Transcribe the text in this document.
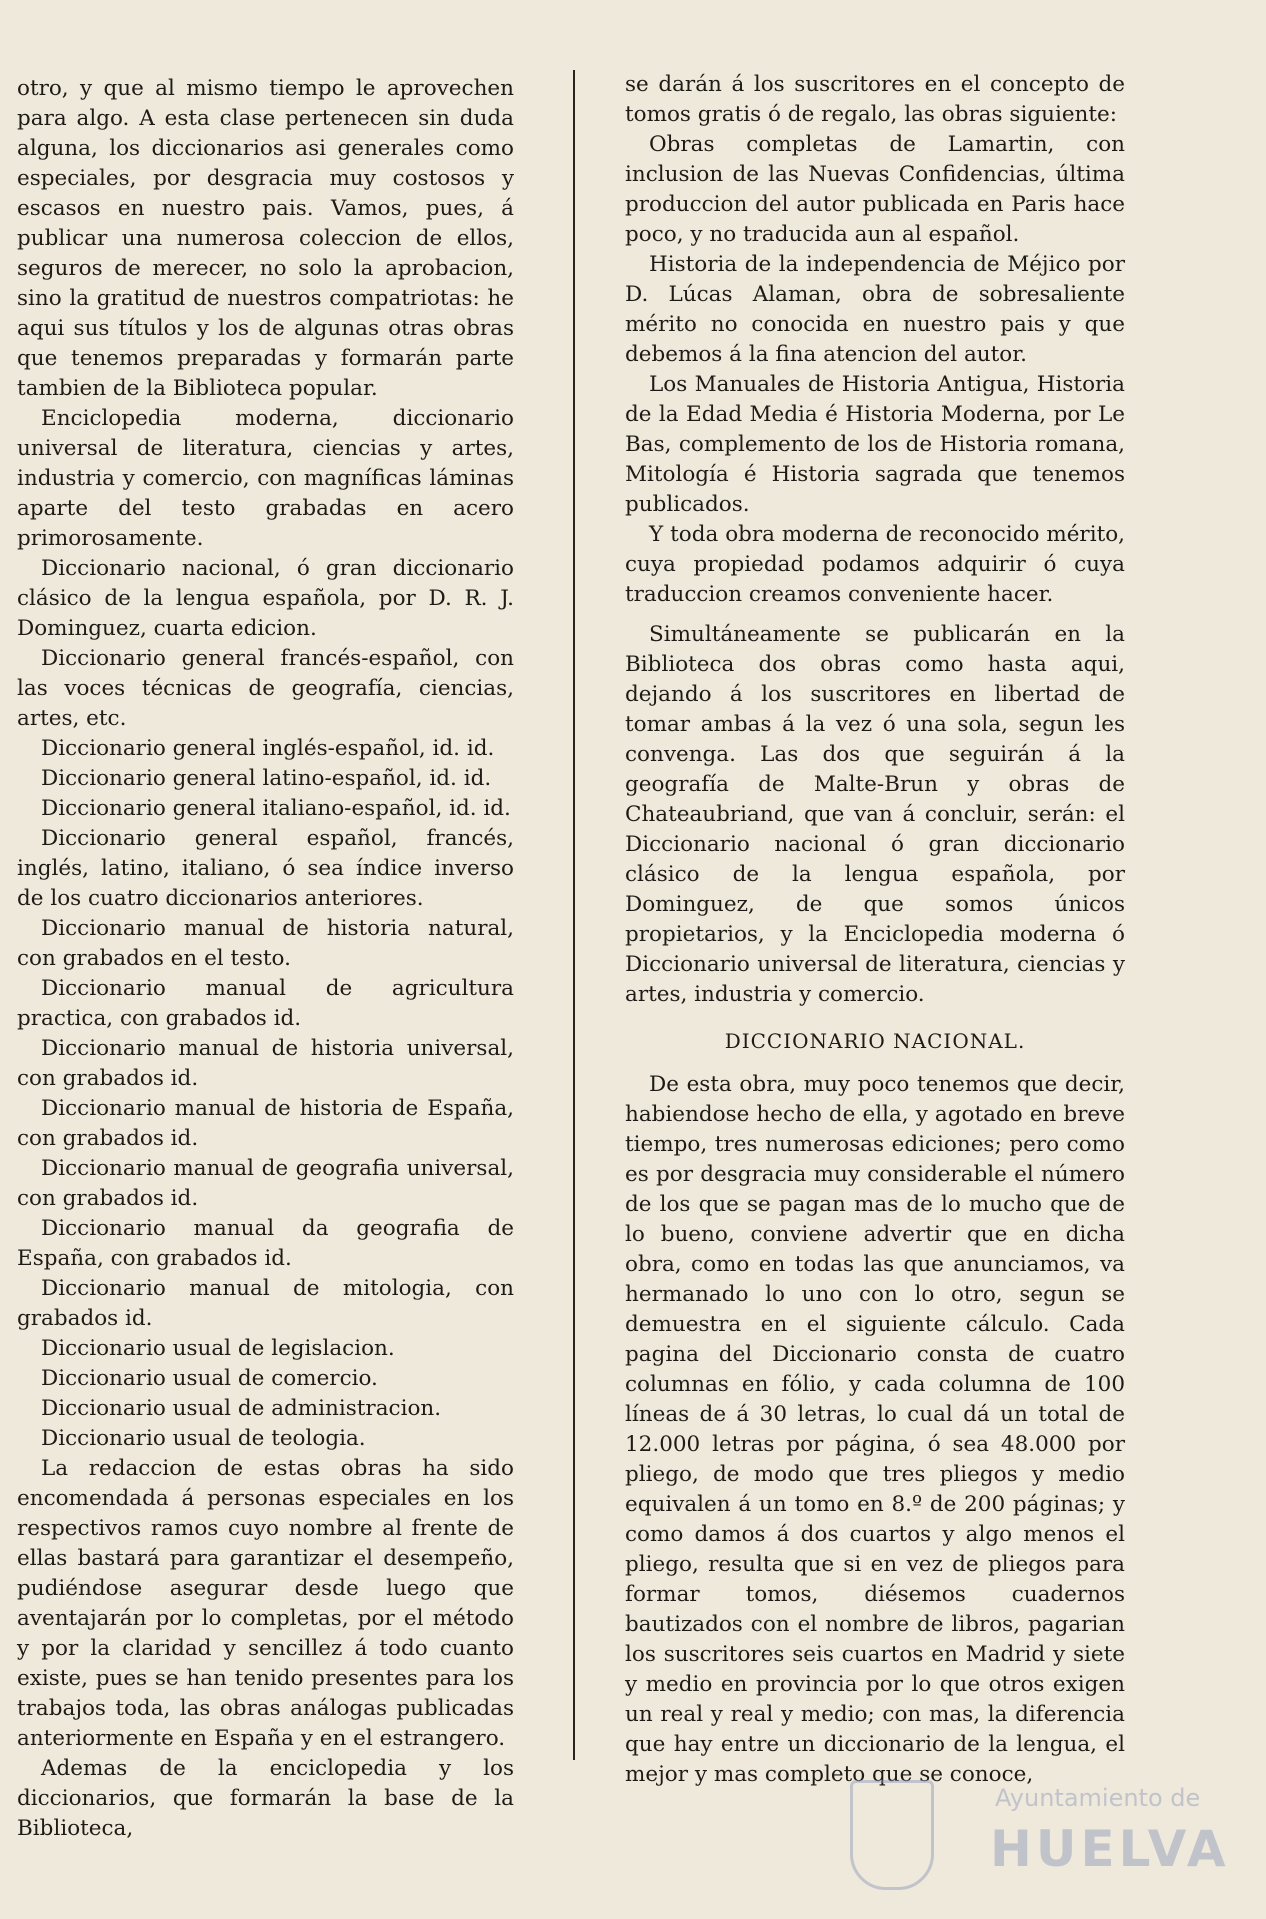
otro, y que al mismo tiempo le aprovechen para algo. A esta clase pertenecen sin duda alguna, los diccionarios asi generales como especiales, por desgracia muy costosos y escasos en nuestro pais. Vamos, pues, á publicar una numerosa coleccion de ellos, seguros de merecer, no solo la aprobacion, sino la gratitud de nuestros compatriotas: he aqui sus títulos y los de algunas otras obras que tenemos preparadas y formarán parte tambien de la Biblioteca popular.

Enciclopedia moderna, diccionario universal de literatura, ciencias y artes, industria y comercio, con magníficas láminas aparte del testo grabadas en acero primorosamente.

Diccionario nacional, ó gran diccionario clásico de la lengua española, por D. R. J. Dominguez, cuarta edicion.

Diccionario general francés-español, con las voces técnicas de geografía, ciencias, artes, etc.

Diccionario general inglés-español, id. id.

Diccionario general latino-español, id. id.

Diccionario general italiano-español, id. id.

Diccionario general español, francés, inglés, latino, italiano, ó sea índice inverso de los cuatro diccionarios anteriores.

Diccionario manual de historia natural, con grabados en el testo.

Diccionario manual de agricultura practica, con grabados id.

Diccionario manual de historia universal, con grabados id.

Diccionario manual de historia de España, con grabados id.

Diccionario manual de geografia universal, con grabados id.

Diccionario manual da geografia de España, con grabados id.

Diccionario manual de mitologia, con grabados id.

Diccionario usual de legislacion.

Diccionario usual de comercio.

Diccionario usual de administracion.

Diccionario usual de teologia.

La redaccion de estas obras ha sido encomendada á personas especiales en los respectivos ramos cuyo nombre al frente de ellas bastará para garantizar el desempeño, pudiéndose asegurar desde luego que aventajarán por lo completas, por el método y por la claridad y sencillez á todo cuanto existe, pues se han tenido presentes para los trabajos toda, las obras análogas publicadas anteriormente en España y en el estrangero.

Ademas de la enciclopedia y los diccionarios, que formarán la base de la Biblioteca,

se darán á los suscritores en el concepto de tomos gratis ó de regalo, las obras siguiente:

Obras completas de Lamartin, con inclusion de las Nuevas Confidencias, última produccion del autor publicada en Paris hace poco, y no traducida aun al español.

Historia de la independencia de Méjico por D. Lúcas Alaman, obra de sobresaliente mérito no conocida en nuestro pais y que debemos á la fina atencion del autor.

Los Manuales de Historia Antigua, Historia de la Edad Media é Historia Moderna, por Le Bas, complemento de los de Historia romana, Mitología é Historia sagrada que tenemos publicados.

Y toda obra moderna de reconocido mérito, cuya propiedad podamos adquirir ó cuya traduccion creamos conveniente hacer.

Simultáneamente se publicarán en la Biblioteca dos obras como hasta aqui, dejando á los suscritores en libertad de tomar ambas á la vez ó una sola, segun les convenga. Las dos que seguirán á la geografía de Malte-Brun y obras de Chateaubriand, que van á concluir, serán: el Diccionario nacional ó gran diccionario clásico de la lengua española, por Dominguez, de que somos únicos propietarios, y la Enciclopedia moderna ó Diccionario universal de literatura, ciencias y artes, industria y comercio.

DICCIONARIO NACIONAL.

De esta obra, muy poco tenemos que decir, habiendose hecho de ella, y agotado en breve tiempo, tres numerosas ediciones; pero como es por desgracia muy considerable el número de los que se pagan mas de lo mucho que de lo bueno, conviene advertir que en dicha obra, como en todas las que anunciamos, va hermanado lo uno con lo otro, segun se demuestra en el siguiente cálculo. Cada pagina del Diccionario consta de cuatro columnas en fólio, y cada columna de 100 líneas de á 30 letras, lo cual dá un total de 12.000 letras por página, ó sea 48.000 por pliego, de modo que tres pliegos y medio equivalen á un tomo en 8.º de 200 páginas; y como damos á dos cuartos y algo menos el pliego, resulta que si en vez de pliegos para formar tomos, diésemos cuadernos bautizados con el nombre de libros, pagarian los suscritores seis cuartos en Madrid y siete y medio en provincia por lo que otros exigen un real y real y medio; con mas, la diferencia que hay entre un diccionario de la lengua, el mejor y mas completo que se conoce,

Ayuntamiento de
HUELVA
